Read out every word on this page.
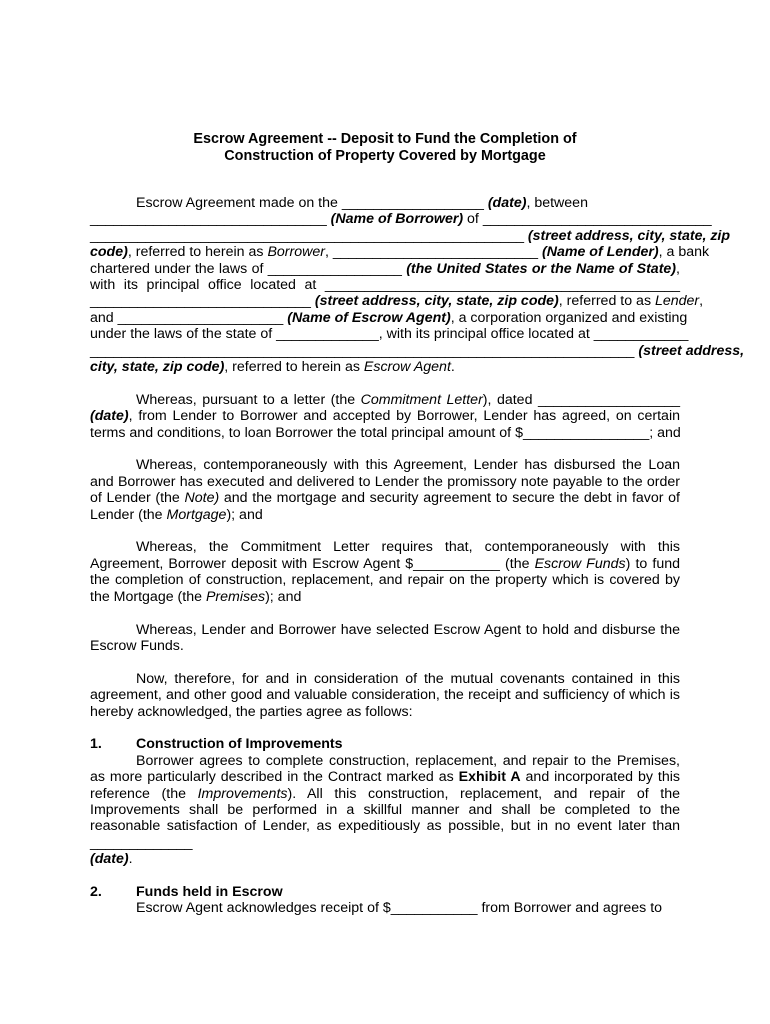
Escrow Agreement -- Deposit to Fund the Completion of
Construction of Property Covered by Mortgage

Escrow Agreement made on the __________________ (date), between
______________________________ (Name of Borrower) of _____________________________
_______________________________________________________ (street address, city, state, zip
code), referred to herein as Borrower, __________________________ (Name of Lender), a bank
chartered under the laws of _________________ (the United States or the Name of State),
with its principal office located at _____________________________________________
____________________________ (street address, city, state, zip code), referred to as Lender,
and _____________________ (Name of Escrow Agent), a corporation organized and existing
under the laws of the state of _____________, with its principal office located at ____________
_____________________________________________________________________ (street address,
city, state, zip code), referred to herein as Escrow Agent.

Whereas, pursuant to a letter (the Commitment Letter), dated __________________
(date), from Lender to Borrower and accepted by Borrower, Lender has agreed, on certain
terms and conditions, to loan Borrower the total principal amount of $________________; and

Whereas, contemporaneously with this Agreement, Lender has disbursed the Loan and Borrower has executed and delivered to Lender the promissory note payable to the order of Lender (the Note) and the mortgage and security agreement to secure the debt in favor of Lender (the Mortgage); and

Whereas, the Commitment Letter requires that, contemporaneously with this Agreement, Borrower deposit with Escrow Agent $___________ (the Escrow Funds) to fund the completion of construction, replacement, and repair on the property which is covered by the Mortgage (the Premises); and

Whereas, Lender and Borrower have selected Escrow Agent to hold and disburse the Escrow Funds.

Now, therefore, for and in consideration of the mutual covenants contained in this agreement, and other good and valuable consideration, the receipt and sufficiency of which is hereby acknowledged, the parties agree as follows:

1.	Construction of Improvements

Borrower agrees to complete construction, replacement, and repair to the Premises, as more particularly described in the Contract marked as Exhibit A and incorporated by this reference (the Improvements). All this construction, replacement, and repair of the Improvements shall be performed in a skillful manner and shall be completed to the reasonable satisfaction of Lender, as expeditiously as possible, but in no event later than _____________
(date).

2.	Funds held in Escrow

Escrow Agent acknowledges receipt of $___________ from Borrower and agrees to
